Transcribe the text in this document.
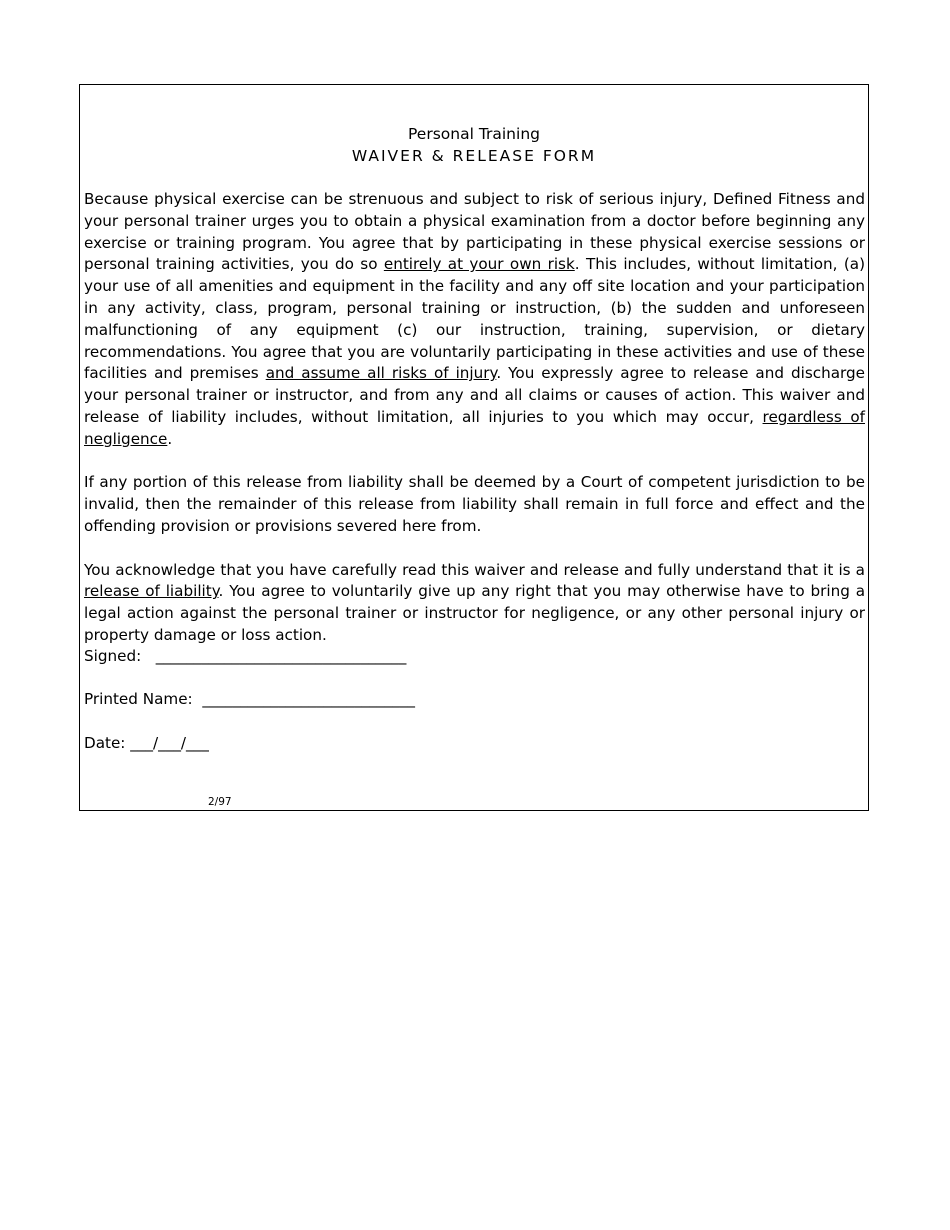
Personal Training
WAIVER & RELEASE FORM

Because physical exercise can be strenuous and subject to risk of serious injury, Defined Fitness and your personal trainer urges you to obtain a physical examination from a doctor before beginning any exercise or training program. You agree that by participating in these physical exercise sessions or personal training activities, you do so entirely at your own risk. This includes, without limitation, (a) your use of all amenities and equipment in the facility and any off site location and your participation in any activity, class, program, personal training or instruction, (b) the sudden and unforeseen malfunctioning of any equipment (c) our instruction, training, supervision, or dietary recommendations. You agree that you are voluntarily participating in these activities and use of these facilities and premises and assume all risks of injury. You expressly agree to release and discharge your personal trainer or instructor, and from any and all claims or causes of action. This waiver and release of liability includes, without limitation, all injuries to you which may occur, regardless of negligence.

If any portion of this release from liability shall be deemed by a Court of competent jurisdiction to be invalid, then the remainder of this release from liability shall remain in full force and effect and the offending provision or provisions severed here from.

You acknowledge that you have carefully read this waiver and release and fully understand that it is a release of liability. You agree to voluntarily give up any right that you may otherwise have to bring a legal action against the personal trainer or instructor for negligence, or any other personal injury or property damage or loss action.

Signed:   _________________________________
Printed Name:  ____________________________
Date: ___/___/___
2/97
